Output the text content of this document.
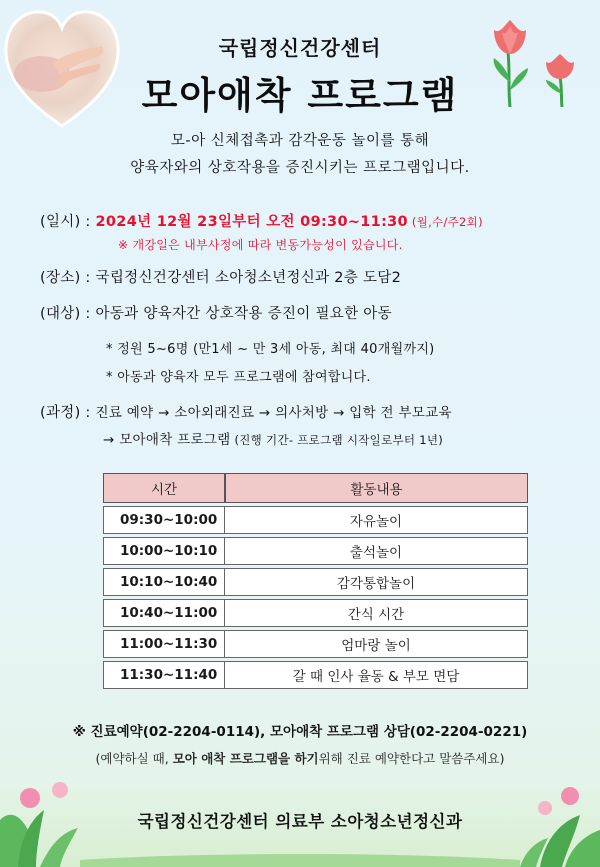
국립정신건강센터
모아애착 프로그램
모-아 신체접촉과 감각운동 놀이를 통해
양육자와의 상호작용을 증진시키는 프로그램입니다.
(일시) : 2024년 12월 23일부터 오전 09:30~11:30 (월,수/주2회)
※ 개강일은 내부사정에 따라 변동가능성이 있습니다.
(장소) : 국립정신건강센터 소아청소년정신과 2층 도담2
(대상) : 아동과 양육자간 상호작용 증진이 필요한 아동
* 정원 5~6명 (만1세 ~ 만 3세 아동, 최대 40개월까지)
* 아동과 양육자 모두 프로그램에 참여합니다.
(과정) : 진료 예약 → 소아외래진료 → 의사처방 → 입학 전 부모교육
→ 모아애착 프로그램 (진행 기간- 프로그램 시작일로부터 1년)
시간	활동내용
09:30~10:00	자유놀이
10:00~10:10	출석놀이
10:10~10:40	감각통합놀이
10:40~11:00	간식 시간
11:00~11:30	엄마랑 놀이
11:30~11:40	갈 때 인사 율동 & 부모 면담
※ 진료예약(02-2204-0114), 모아애착 프로그램 상담(02-2204-0221)
(예약하실 때, 모아 애착 프로그램을 하기위해 진료 예약한다고 말씀주세요)
국립정신건강센터 의료부 소아청소년정신과
